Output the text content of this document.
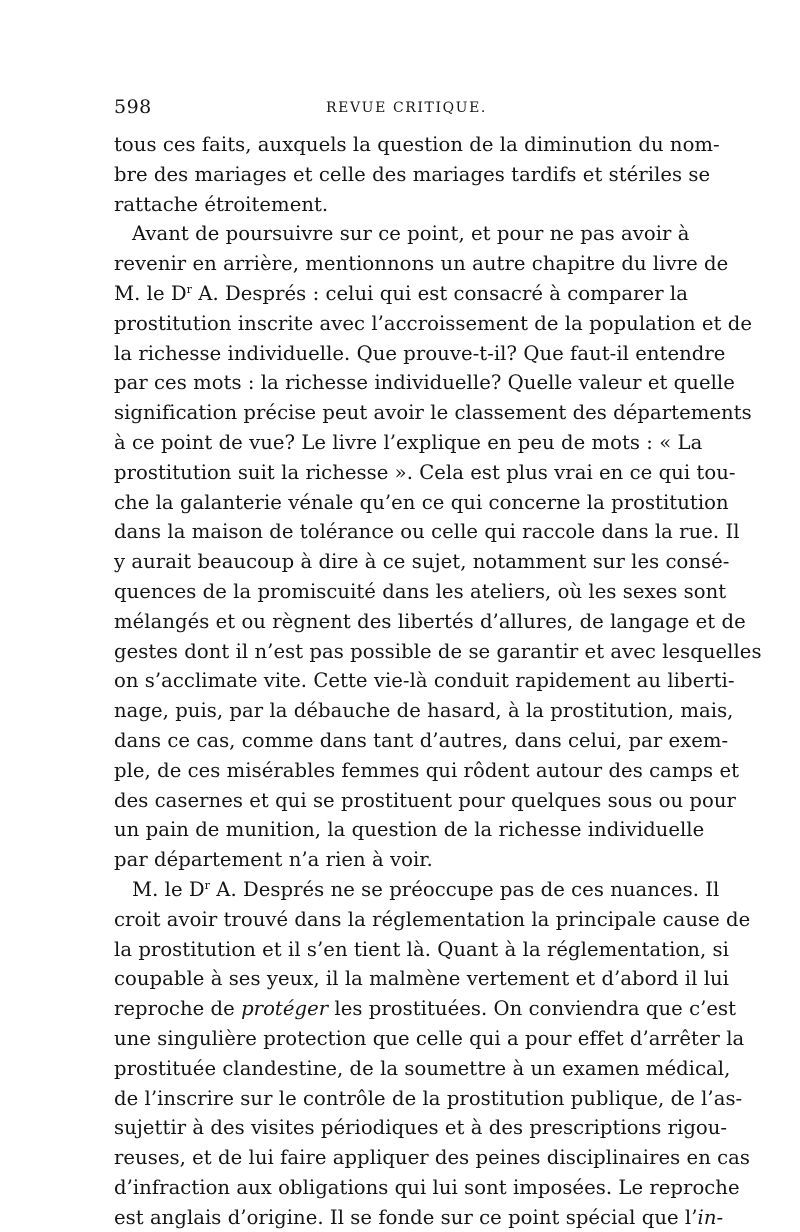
598	REVUE CRITIQUE.
tous ces faits, auxquels la question de la diminution du nom-
bre des mariages et celle des mariages tardifs et stériles se
rattache étroitement.
Avant de poursuivre sur ce point, et pour ne pas avoir à
revenir en arrière, mentionnons un autre chapitre du livre de
M. le $D^r$ A. Després : celui qui est consacré à comparer la
prostitution inscrite avec l’accroissement de la population et de
la richesse individuelle. Que prouve-t-il? Que faut-il entendre
par ces mots : la richesse individuelle? Quelle valeur et quelle
signification précise peut avoir le classement des départements
à ce point de vue? Le livre l’explique en peu de mots : « La
prostitution suit la richesse ». Cela est plus vrai en ce qui tou-
che la galanterie vénale qu’en ce qui concerne la prostitution
dans la maison de tolérance ou celle qui raccole dans la rue. Il
y aurait beaucoup à dire à ce sujet, notamment sur les consé-
quences de la promiscuité dans les ateliers, où les sexes sont
mélangés et ou règnent des libertés d’allures, de langage et de
gestes dont il n’est pas possible de se garantir et avec lesquelles
on s’acclimate vite. Cette vie-là conduit rapidement au liberti-
nage, puis, par la débauche de hasard, à la prostitution, mais,
dans ce cas, comme dans tant d’autres, dans celui, par exem-
ple, de ces misérables femmes qui rôdent autour des camps et
des casernes et qui se prostituent pour quelques sous ou pour
un pain de munition, la question de la richesse individuelle
par département n’a rien à voir.
M. le $D^r$ A. Després ne se préoccupe pas de ces nuances. Il
croit avoir trouvé dans la réglementation la principale cause de
la prostitution et il s’en tient là. Quant à la réglementation, si
coupable à ses yeux, il la malmène vertement et d’abord il lui
reproche de protéger les prostituées. On conviendra que c’est
une singulière protection que celle qui a pour effet d’arrêter la
prostituée clandestine, de la soumettre à un examen médical,
de l’inscrire sur le contrôle de la prostitution publique, de l’as-
sujettir à des visites périodiques et à des prescriptions rigou-
reuses, et de lui faire appliquer des peines disciplinaires en cas
d’infraction aux obligations qui lui sont imposées. Le reproche
est anglais d’origine. Il se fonde sur ce point spécial que l’in-
